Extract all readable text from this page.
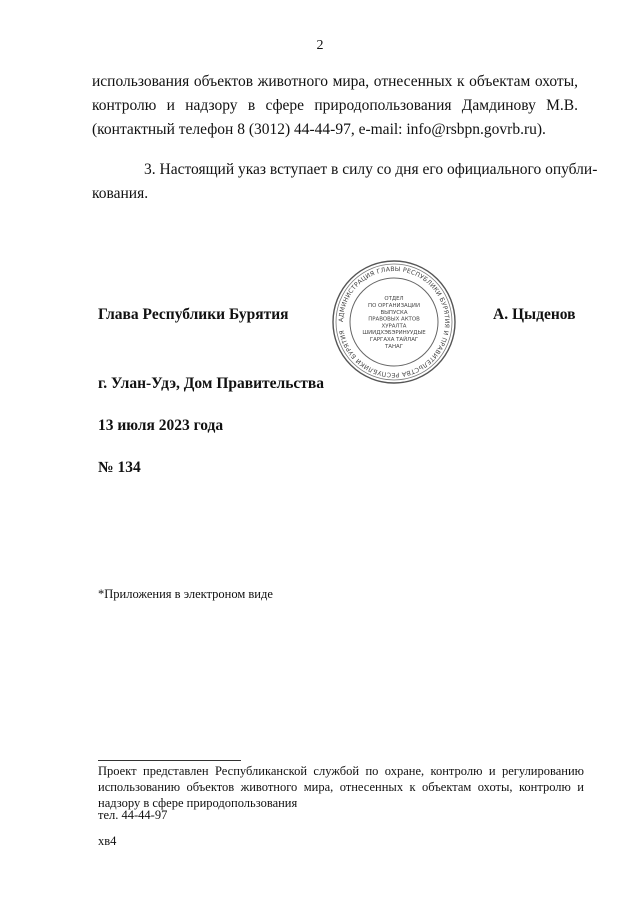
2
использования объектов животного мира, отнесенных к объектам охоты,
контролю и надзору в сфере природопользования Дамдинову М.В.
(контактный телефон 8 (3012) 44-44-97, e-mail: info@rsbpn.govrb.ru).
3. Настоящий указ вступает в силу со дня его официального опубли-
кования.
Глава Республики Бурятия	АДМИНИСТРАЦИЯ ГЛАВЫ РЕСПУБЛИКИ БУРЯТИЯ И ПРАВИТЕЛЬСТВА РЕСПУБЛИКИ БУРЯТИЯ
ОТДЕЛ
ПО ОРГАНИЗАЦИИ
ВЫПУСКА
ПРАВОВЫХ АКТОВ
ХУРАЛТА
ШИИДХЭБЭРИНУУДЫЕ
ГАРГАХА ТАЙЛАГ
ТАНАГ
А. Цыденов
г. Улан-Удэ, Дом Правительства
13 июля 2023 года
№ 134
*Приложения в электроном виде
Проект представлен Республиканской службой по охране, контролю и регулированию
использованию объектов животного мира, отнесенных к объектам охоты, контролю и
надзору в сфере природопользования
тел. 44-44-97
хв4
